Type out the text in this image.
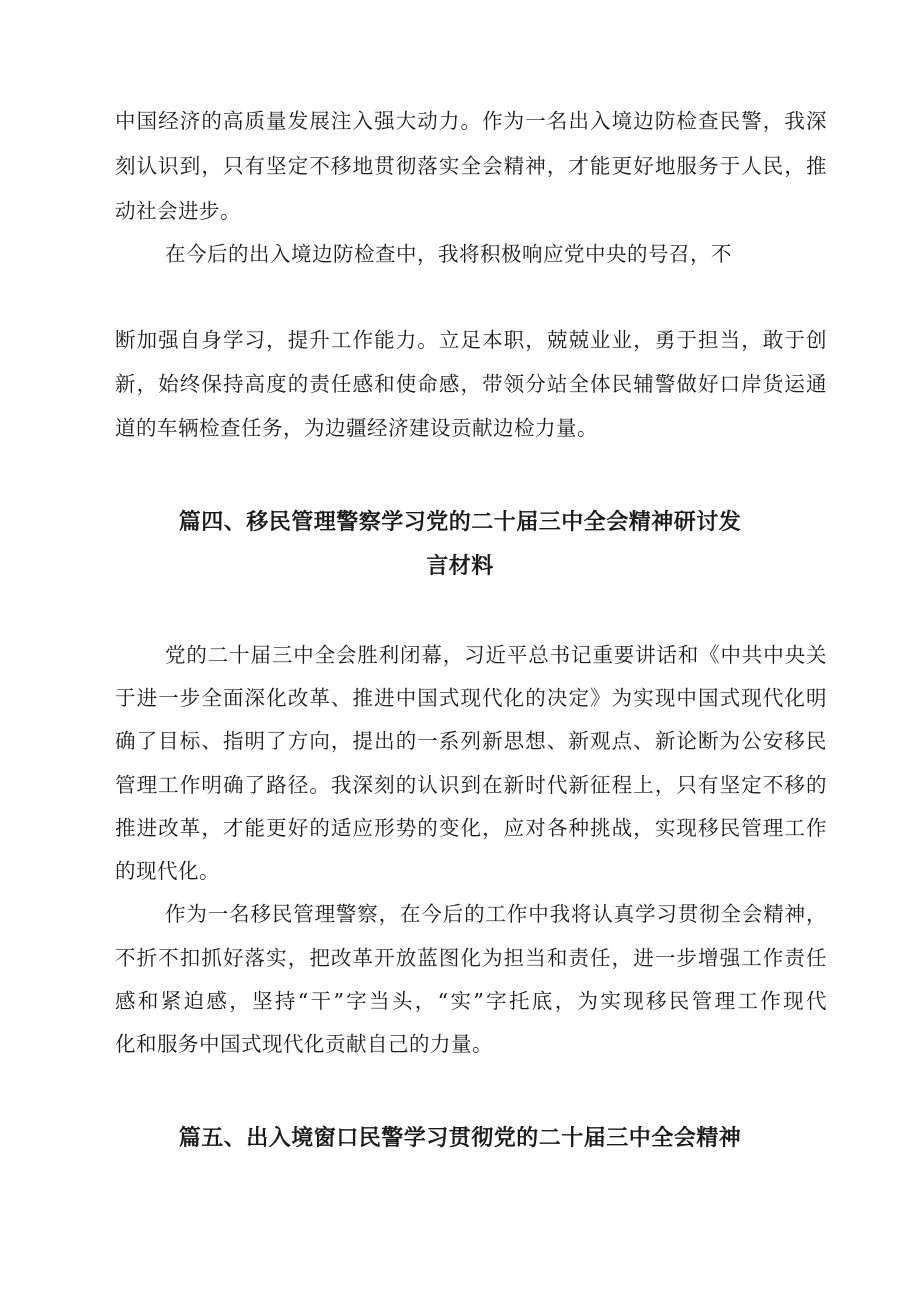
中国经济的高质量发展注入强大动力。作为一名出入境边防检查民警，我深
刻认识到，只有坚定不移地贯彻落实全会精神，才能更好地服务于人民，推
动社会进步。
在今后的出入境边防检查中，我将积极响应党中央的号召，不
断加强自身学习，提升工作能力。立足本职，兢兢业业，勇于担当，敢于创
新，始终保持高度的责任感和使命感，带领分站全体民辅警做好口岸货运通
道的车辆检查任务，为边疆经济建设贡献边检力量。
篇四、移民管理警察学习党的二十届三中全会精神研讨发
言材料
党的二十届三中全会胜利闭幕，习近平总书记重要讲话和《中共中央关
于进一步全面深化改革、推进中国式现代化的决定》为实现中国式现代化明
确了目标、指明了方向，提出的一系列新思想、新观点、新论断为公安移民
管理工作明确了路径。我深刻的认识到在新时代新征程上，只有坚定不移的
推进改革，才能更好的适应形势的变化，应对各种挑战，实现移民管理工作
的现代化。
作为一名移民管理警察，在今后的工作中我将认真学习贯彻全会精神，
不折不扣抓好落实，把改革开放蓝图化为担当和责任，进一步增强工作责任
感和紧迫感，坚持“干”字当头，“实”字托底，为实现移民管理工作现代
化和服务中国式现代化贡献自己的力量。
篇五、出入境窗口民警学习贯彻党的二十届三中全会精神
